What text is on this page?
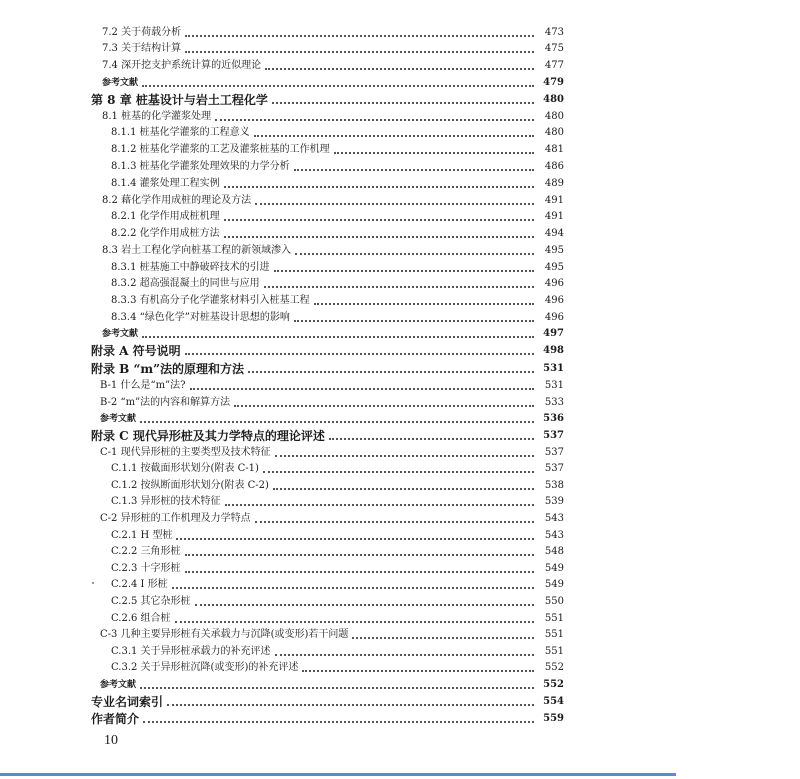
7.2 关于荷载分析	473
7.3 关于结构计算	475
7.4 深开挖支护系统计算的近似理论	477
参考文献	479
第 8 章 桩基设计与岩土工程化学	480
8.1 桩基的化学灌浆处理	480
8.1.1 桩基化学灌浆的工程意义	480
8.1.2 桩基化学灌浆的工艺及灌浆桩基的工作机理	481
8.1.3 桩基化学灌浆处理效果的力学分析	486
8.1.4 灌浆处理工程实例	489
8.2 藉化学作用成桩的理论及方法	491
8.2.1 化学作用成桩机理	491
8.2.2 化学作用成桩方法	494
8.3 岩土工程化学向桩基工程的新领域渗入	495
8.3.1 桩基施工中静破碎技术的引进	495
8.3.2 超高强混凝土的同世与应用	496
8.3.3 有机高分子化学灌浆材料引入桩基工程	496
8.3.4 “绿色化学”对桩基设计思想的影响	496
参考文献	497
附录 A 符号说明	498
附录 B “m”法的原理和方法	531
B-1 什么是“m”法?	531
B-2 “m”法的内容和解算方法	533
参考文献	536
附录 C 现代异形桩及其力学特点的理论评述	537
C-1 现代异形桩的主要类型及技术特征	537
C.1.1 按截面形状划分(附表 C-1)	537
C.1.2 按纵断面形状划分(附表 C-2)	538
C.1.3 异形桩的技术特征	539
C-2 异形桩的工作机理及力学特点	543
C.2.1 H 型桩	543
C.2.2 三角形桩	548
C.2.3 十字形桩	549
C.2.4 I 形桩	549
C.2.5 其它杂形桩	550
C.2.6 组合桩	551
C-3 几种主要异形桩有关承载力与沉降(或变形)若干问题	551
C.3.1 关于异形桩承载力的补充评述	551
C.3.2 关于异形桩沉降(或变形)的补充评述	552
参考文献	552
专业名词索引	554
作者简介	559
10
